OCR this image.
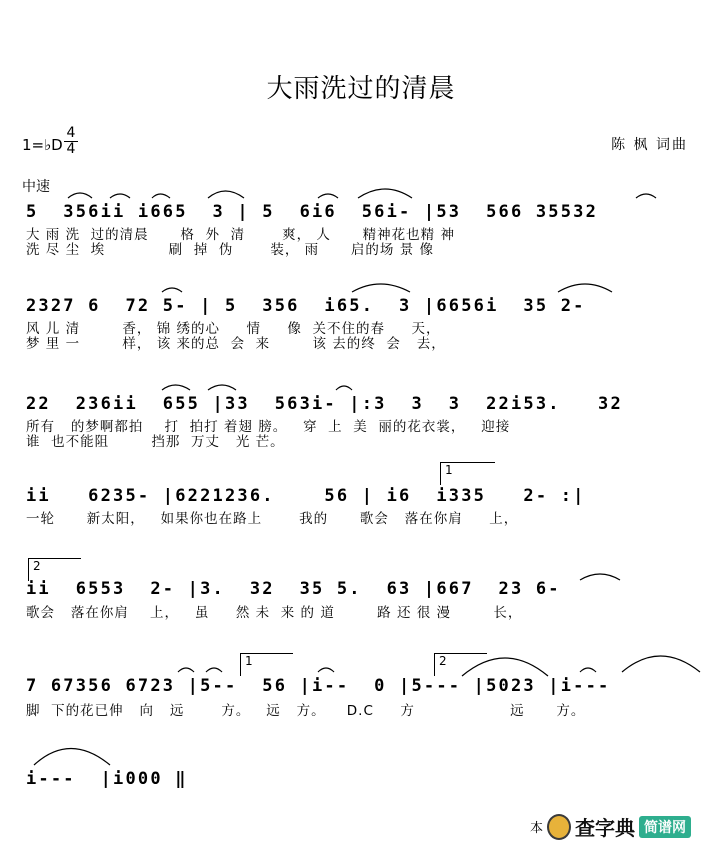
大雨洗过的清晨
1=♭D
4
4	陈 枫 词曲
中速
5  356ii i665  3 | 5  6i6  56i- |53  566 35532
大 雨 洗  过的清晨      格  外  清       爽， 人      精神花也精 神
洗 尽 尘  埃            刷  掉  伪       装， 雨      启的场 景 像
2327 6  72 5- | 5  356  i65.  3 |6656i  35 2-
风 儿 清        香， 锦 绣的心     情     像  关不住的春     天，
梦 里 一        样， 该 来的总  会  来        该 去的终  会   去，
22  236ii  655 |33  563i- |:3  3  3  22i53.   32
所有   的梦啊都拍    打  拍打 着翅 膀。   穿  上  美  丽的花衣裳，   迎接
谁  也不能阻        挡那  万丈   光 芒。
1
ii   6235- |6221236.    56 | i6  i335   2- :|
一轮      新太阳，   如果你也在路上       我的      歌会   落在你肩     上，
2
ii  6553  2- |3.  32  35 5.  63 |667  23 6-
歌会   落在你肩    上，   虽     然 未  来 的 道        路 还 很 漫        长，
1	2
7 67356 6723 |5--  56 |i--  0 |5--- |5023 |i---
脚  下的花已伸   向   远       方。   远   方。    D.C     方                  远      方。
i---  |i000 ‖
本 查字典 简谱网
